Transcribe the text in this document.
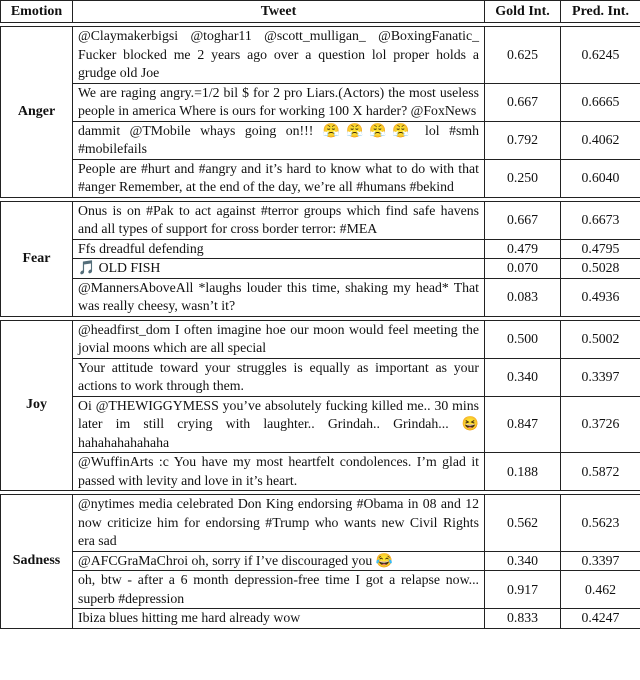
Emotion	Tweet	Gold Int.	Pred. Int.

Anger	@Claymakerbigsi @toghar11 @scott_mulligan_ @BoxingFanatic_ Fucker blocked me 2 years ago over a question lol proper holds a grudge old Joe	0.625	0.6245
	We are raging angry.=1/2 bil $ for 2 pro Liars.(Actors) the most useless people in america Where is ours for working 100 X harder? @FoxNews	0.667	0.6665
	dammit @TMobile whays going on!!! 😤😤😤😤 lol #smh #mobilefails	0.792	0.4062
	People are #hurt and #angry and it’s hard to know what to do with that #anger Remember, at the end of the day, we’re all #humans #bekind	0.250	0.6040

Fear	Onus is on #Pak to act against #terror groups which find safe havens and all types of support for cross border terror: #MEA	0.667	0.6673
	Ffs dreadful defending	0.479	0.4795
	🎵 OLD FISH	0.070	0.5028
	@MannersAboveAll *laughs louder this time, shaking my head* That was really cheesy, wasn’t it?	0.083	0.4936

Joy	@headfirst_dom I often imagine hoe our moon would feel meeting the jovial moons which are all special	0.500	0.5002
	Your attitude toward your struggles is equally as important as your actions to work through them.	0.340	0.3397
	Oi @THEWIGGYMESS you’ve absolutely fucking killed me.. 30 mins later im still crying with laughter.. Grindah.. Grindah... 😆 hahahahahahaha	0.847	0.3726
	@WuffinArts :c You have my most heartfelt condolences. I’m glad it passed with levity and love in it’s heart.	0.188	0.5872

Sadness	@nytimes media celebrated Don King endorsing #Obama in 08 and 12 now criticize him for endorsing #Trump who wants new Civil Rights era sad	0.562	0.5623
	@AFCGraMaChroi oh, sorry if I’ve discouraged you 😂	0.340	0.3397
	oh, btw - after a 6 month depression-free time I got a relapse now... superb #depression	0.917	0.462
	Ibiza blues hitting me hard already wow	0.833	0.4247
